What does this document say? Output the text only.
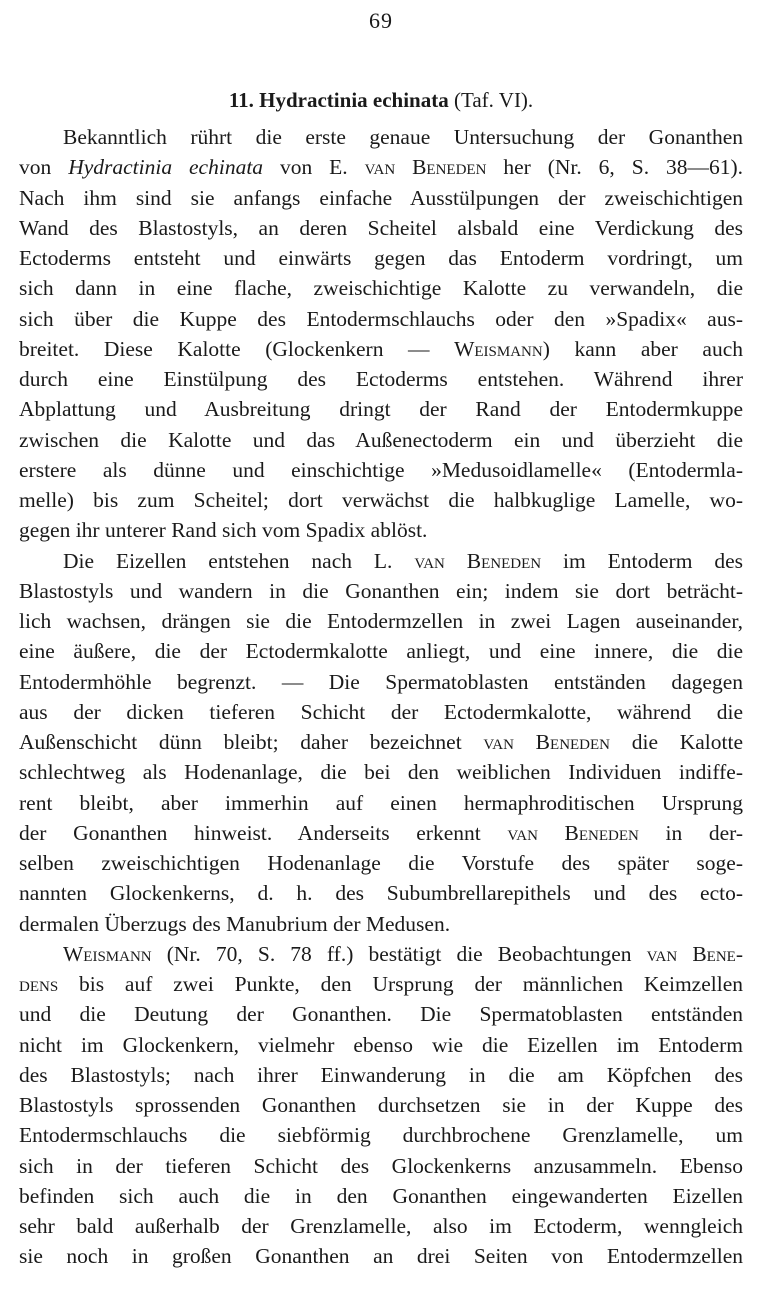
69
11. Hydractinia echinata (Taf. VI).
Bekanntlich rührt die erste genaue Untersuchung der Gonanthen
von Hydractinia echinata von E. van Beneden her (Nr. 6, S. 38—61).
Nach ihm sind sie anfangs einfache Ausstülpungen der zweischichtigen
Wand des Blastostyls, an deren Scheitel alsbald eine Verdickung des
Ectoderms entsteht und einwärts gegen das Entoderm vordringt, um
sich dann in eine flache, zweischichtige Kalotte zu verwandeln, die
sich über die Kuppe des Entodermschlauchs oder den »Spadix« aus-
breitet. Diese Kalotte (Glockenkern — Weismann) kann aber auch
durch eine Einstülpung des Ectoderms entstehen. Während ihrer
Abplattung und Ausbreitung dringt der Rand der Entodermkuppe
zwischen die Kalotte und das Außenectoderm ein und überzieht die
erstere als dünne und einschichtige »Medusoidlamelle« (Entodermla-
melle) bis zum Scheitel; dort verwächst die halbkuglige Lamelle, wo-
gegen ihr unterer Rand sich vom Spadix ablöst.
Die Eizellen entstehen nach L. van Beneden im Entoderm des
Blastostyls und wandern in die Gonanthen ein; indem sie dort beträcht-
lich wachsen, drängen sie die Entodermzellen in zwei Lagen auseinander,
eine äußere, die der Ectodermkalotte anliegt, und eine innere, die die
Entodermhöhle begrenzt. — Die Spermatoblasten entständen dagegen
aus der dicken tieferen Schicht der Ectodermkalotte, während die
Außenschicht dünn bleibt; daher bezeichnet van Beneden die Kalotte
schlechtweg als Hodenanlage, die bei den weiblichen Individuen indiffe-
rent bleibt, aber immerhin auf einen hermaphroditischen Ursprung
der Gonanthen hinweist. Anderseits erkennt van Beneden in der-
selben zweischichtigen Hodenanlage die Vorstufe des später soge-
nannten Glockenkerns, d. h. des Subumbrellarepithels und des ecto-
dermalen Überzugs des Manubrium der Medusen.
Weismann (Nr. 70, S. 78 ff.) bestätigt die Beobachtungen van Bene-
dens bis auf zwei Punkte, den Ursprung der männlichen Keimzellen
und die Deutung der Gonanthen. Die Spermatoblasten entständen
nicht im Glockenkern, vielmehr ebenso wie die Eizellen im Entoderm
des Blastostyls; nach ihrer Einwanderung in die am Köpfchen des
Blastostyls sprossenden Gonanthen durchsetzen sie in der Kuppe des
Entodermschlauchs die siebförmig durchbrochene Grenzlamelle, um
sich in der tieferen Schicht des Glockenkerns anzusammeln. Ebenso
befinden sich auch die in den Gonanthen eingewanderten Eizellen
sehr bald außerhalb der Grenzlamelle, also im Ectoderm, wenngleich
sie noch in großen Gonanthen an drei Seiten von Entodermzellen
